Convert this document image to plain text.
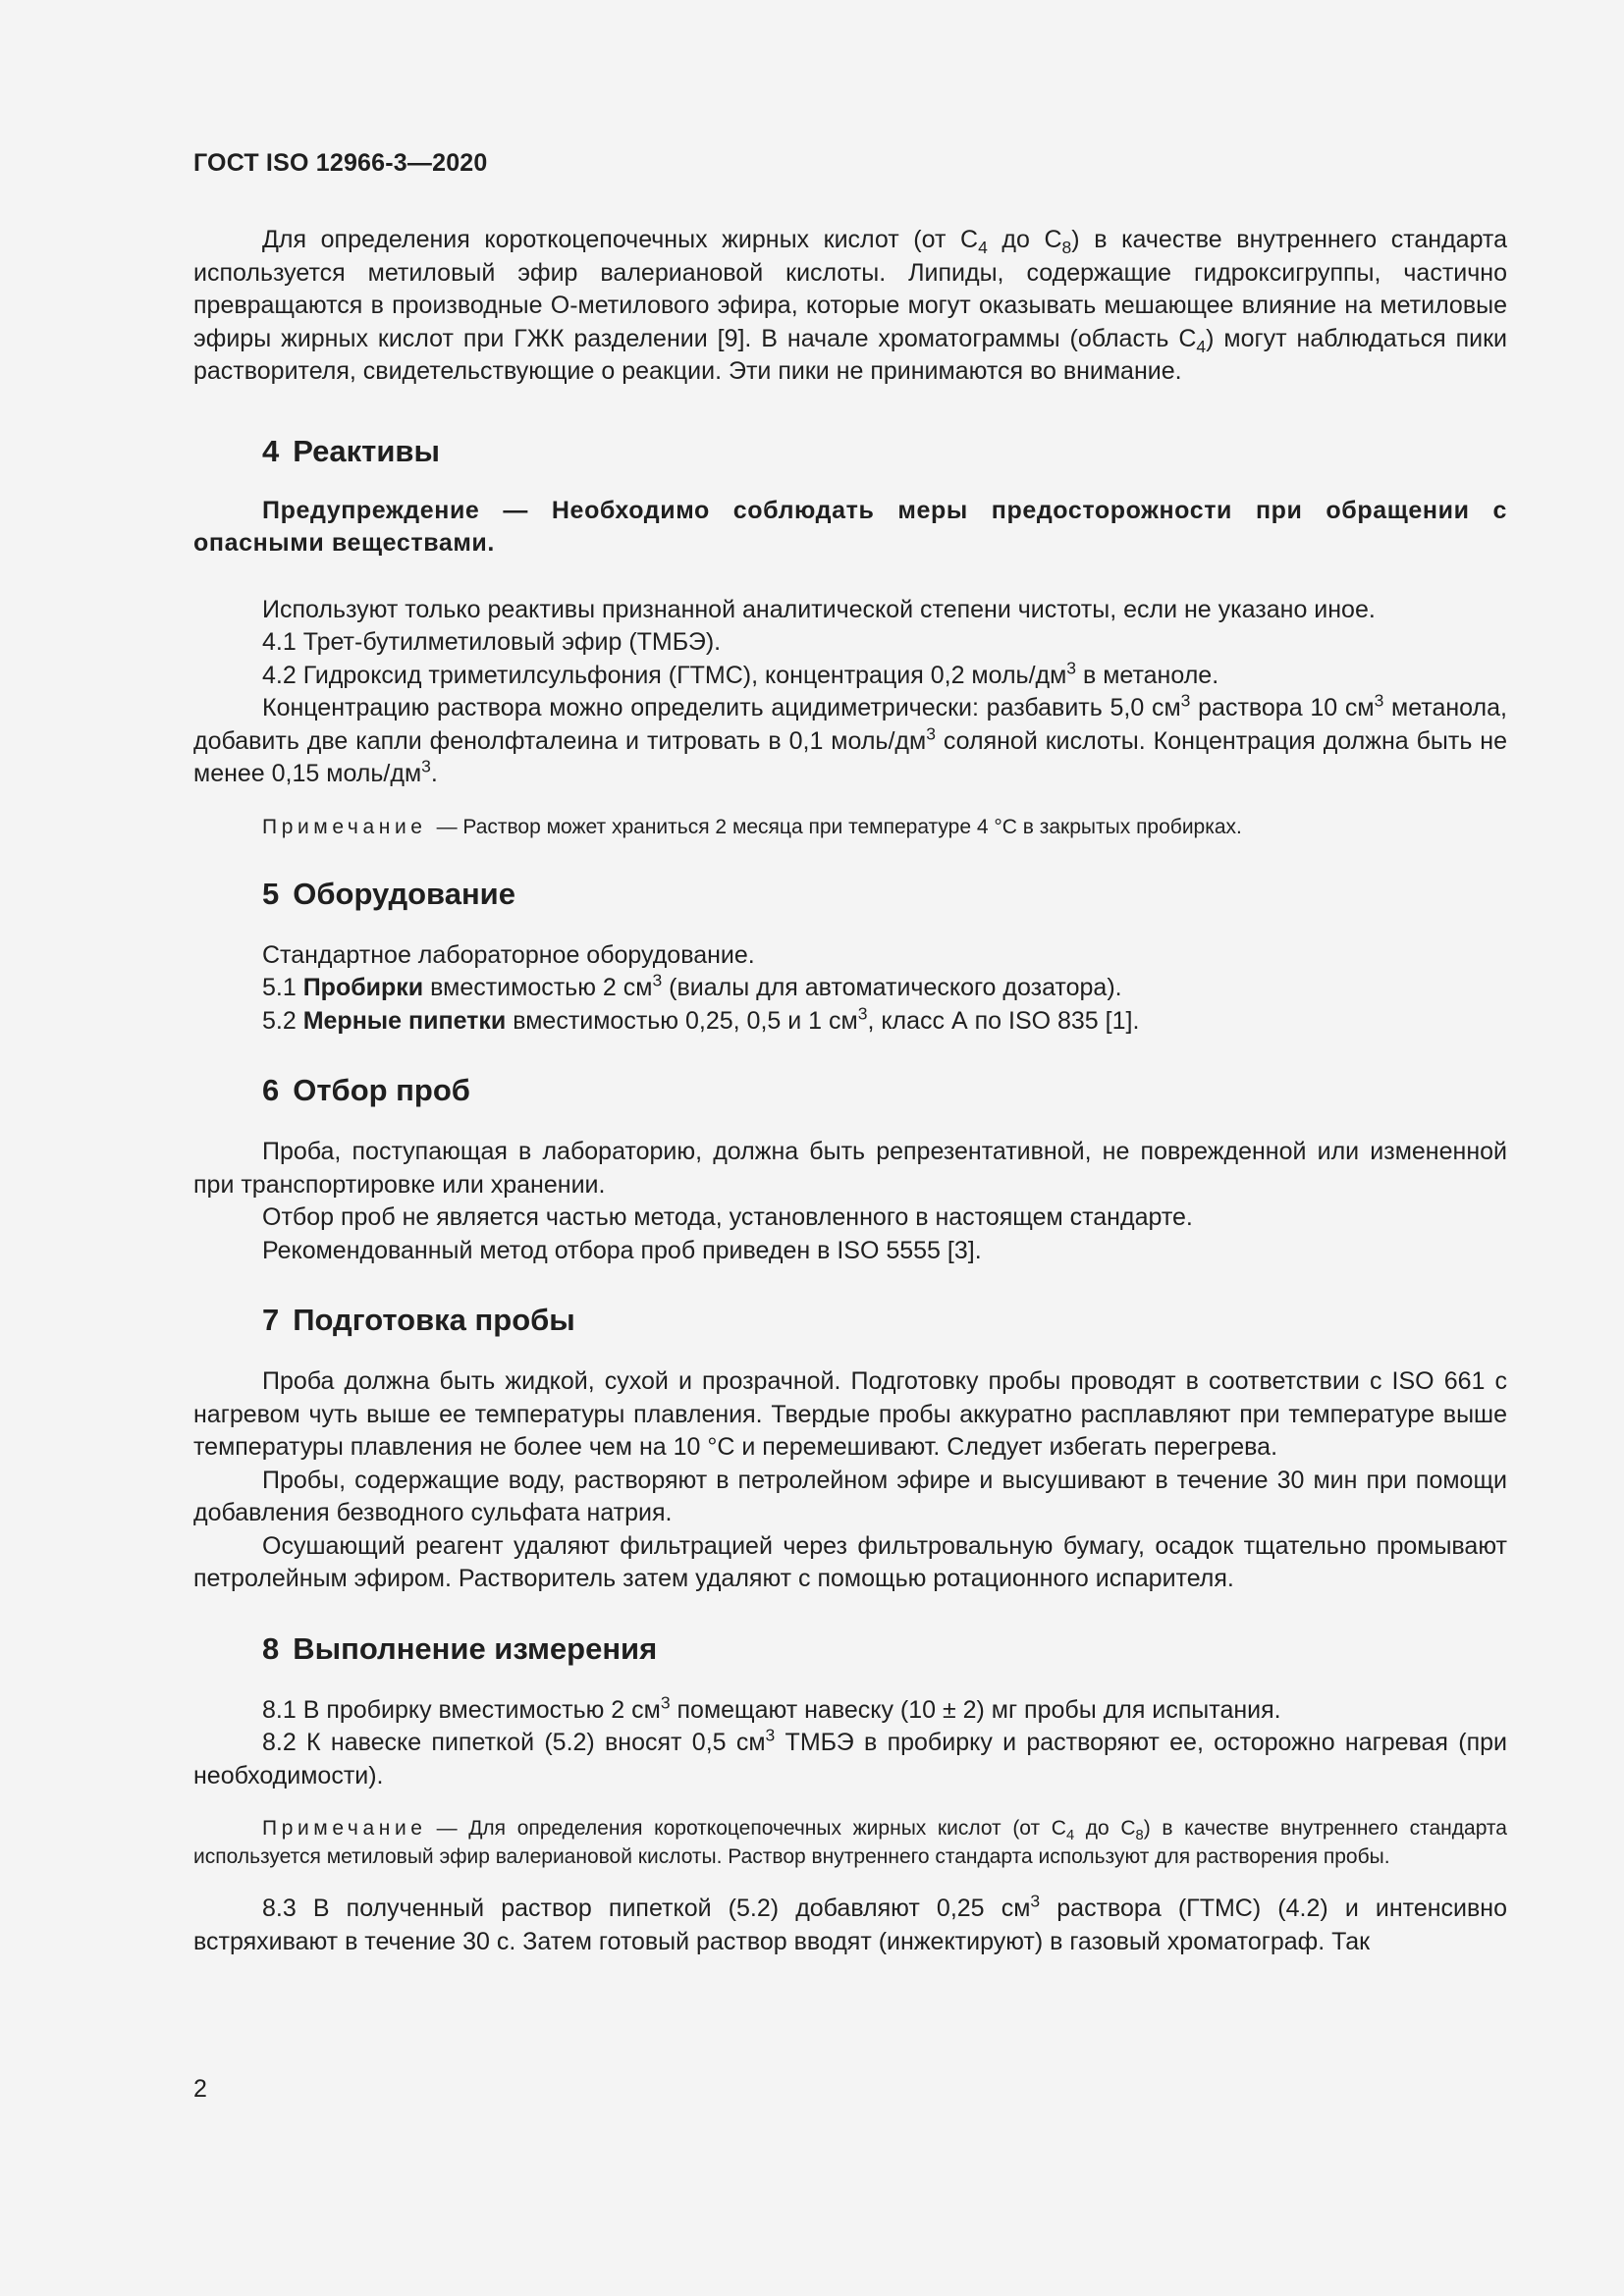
ГОСТ ISO 12966-3—2020

Для определения короткоцепочечных жирных кислот (от $C_4$ до $C_8$) в качестве внутреннего стандарта используется метиловый эфир валериановой кислоты. Липиды, содержащие гидроксигруппы, частично превращаются в производные O-метилового эфира, которые могут оказывать мешающее влияние на метиловые эфиры жирных кислот при ГЖК разделении [9]. В начале хроматограммы (область $C_4$) могут наблюдаться пики растворителя, свидетельствующие о реакции. Эти пики не принимаются во внимание.

4 Реактивы

Предупреждение — Необходимо соблюдать меры предосторожности при обращении с опасными веществами.

Используют только реактивы признанной аналитической степени чистоты, если не указано иное.

4.1 Трет-бутилметиловый эфир (ТМБЭ).

4.2 Гидроксид триметилсульфония (ГТМС), концентрация 0,2 моль/$дм^3$ в метаноле.

Концентрацию раствора можно определить ацидиметрически: разбавить 5,0 $см^3$ раствора 10 $см^3$ метанола, добавить две капли фенолфталеина и титровать в 0,1 моль/$дм^3$ соляной кислоты. Концентрация должна быть не менее 0,15 моль/$дм^3$.

Примечание — Раствор может храниться 2 месяца при температуре 4 °C в закрытых пробирках.

5 Оборудование

Стандартное лабораторное оборудование.

5.1 Пробирки вместимостью 2 $см^3$ (виалы для автоматического дозатора).

5.2 Мерные пипетки вместимостью 0,25, 0,5 и 1 $см^3$, класс А по ISO 835 [1].

6 Отбор проб

Проба, поступающая в лабораторию, должна быть репрезентативной, не поврежденной или измененной при транспортировке или хранении.

Отбор проб не является частью метода, установленного в настоящем стандарте.

Рекомендованный метод отбора проб приведен в ISO 5555 [3].

7 Подготовка пробы

Проба должна быть жидкой, сухой и прозрачной. Подготовку пробы проводят в соответствии с ISO 661 с нагревом чуть выше ее температуры плавления. Твердые пробы аккуратно расплавляют при температуре выше температуры плавления не более чем на 10 °C и перемешивают. Следует избегать перегрева.

Пробы, содержащие воду, растворяют в петролейном эфире и высушивают в течение 30 мин при помощи добавления безводного сульфата натрия.

Осушающий реагент удаляют фильтрацией через фильтровальную бумагу, осадок тщательно промывают петролейным эфиром. Растворитель затем удаляют с помощью ротационного испарителя.

8 Выполнение измерения

8.1 В пробирку вместимостью 2 $см^3$ помещают навеску (10 ± 2) мг пробы для испытания.

8.2 К навеске пипеткой (5.2) вносят 0,5 $см^3$ ТМБЭ в пробирку и растворяют ее, осторожно нагревая (при необходимости).

Примечание — Для определения короткоцепочечных жирных кислот (от $C_4$ до $C_8$) в качестве внутреннего стандарта используется метиловый эфир валериановой кислоты. Раствор внутреннего стандарта используют для растворения пробы.

8.3 В полученный раствор пипеткой (5.2) добавляют 0,25 $см^3$ раствора (ГТМС) (4.2) и интенсивно встряхивают в течение 30 с. Затем готовый раствор вводят (инжектируют) в газовый хроматограф. Так

2
